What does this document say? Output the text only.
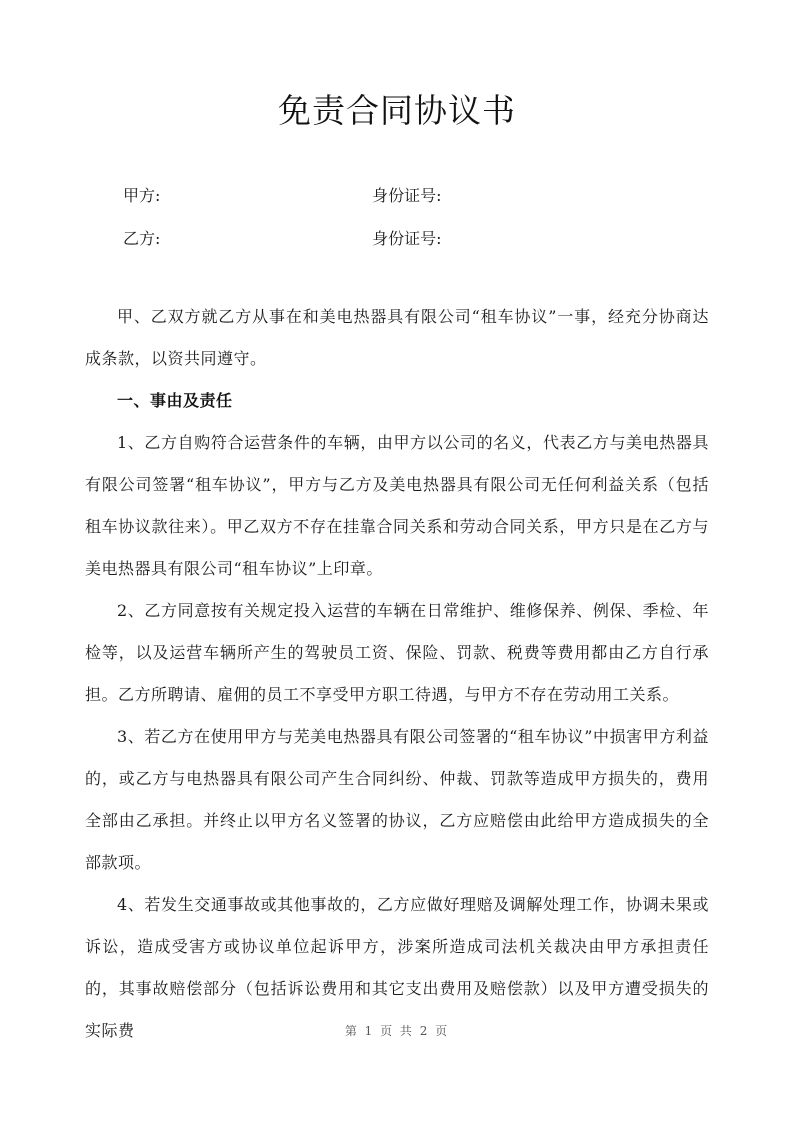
免责合同协议书
甲方:	身份证号:
乙方:	身份证号:

甲、乙双方就乙方从事在和美电热器具有限公司“租车协议”一事，经充分协商达成条款，以资共同遵守。

一、事由及责任

1、乙方自购符合运营条件的车辆，由甲方以公司的名义，代表乙方与美电热器具有限公司签署“租车协议”，甲方与乙方及美电热器具有限公司无任何利益关系（包括租车协议款往来）。甲乙双方不存在挂靠合同关系和劳动合同关系，甲方只是在乙方与美电热器具有限公司“租车协议”上印章。

2、乙方同意按有关规定投入运营的车辆在日常维护、维修保养、例保、季检、年检等，以及运营车辆所产生的驾驶员工资、保险、罚款、税费等费用都由乙方自行承担。乙方所聘请、雇佣的员工不享受甲方职工待遇，与甲方不存在劳动用工关系。

3、若乙方在使用甲方与芜美电热器具有限公司签署的“租车协议”中损害甲方利益的，或乙方与电热器具有限公司产生合同纠纷、仲裁、罚款等造成甲方损失的，费用全部由乙承担。并终止以甲方名义签署的协议，乙方应赔偿由此给甲方造成损失的全部款项。

4、若发生交通事故或其他事故的，乙方应做好理赔及调解处理工作，协调未果或诉讼，造成受害方或协议单位起诉甲方，涉案所造成司法机关裁决由甲方承担责任的，其事故赔偿部分（包括诉讼费用和其它支出费用及赔偿款）以及甲方遭受损失的实际费	第 1 页 共 2 页
